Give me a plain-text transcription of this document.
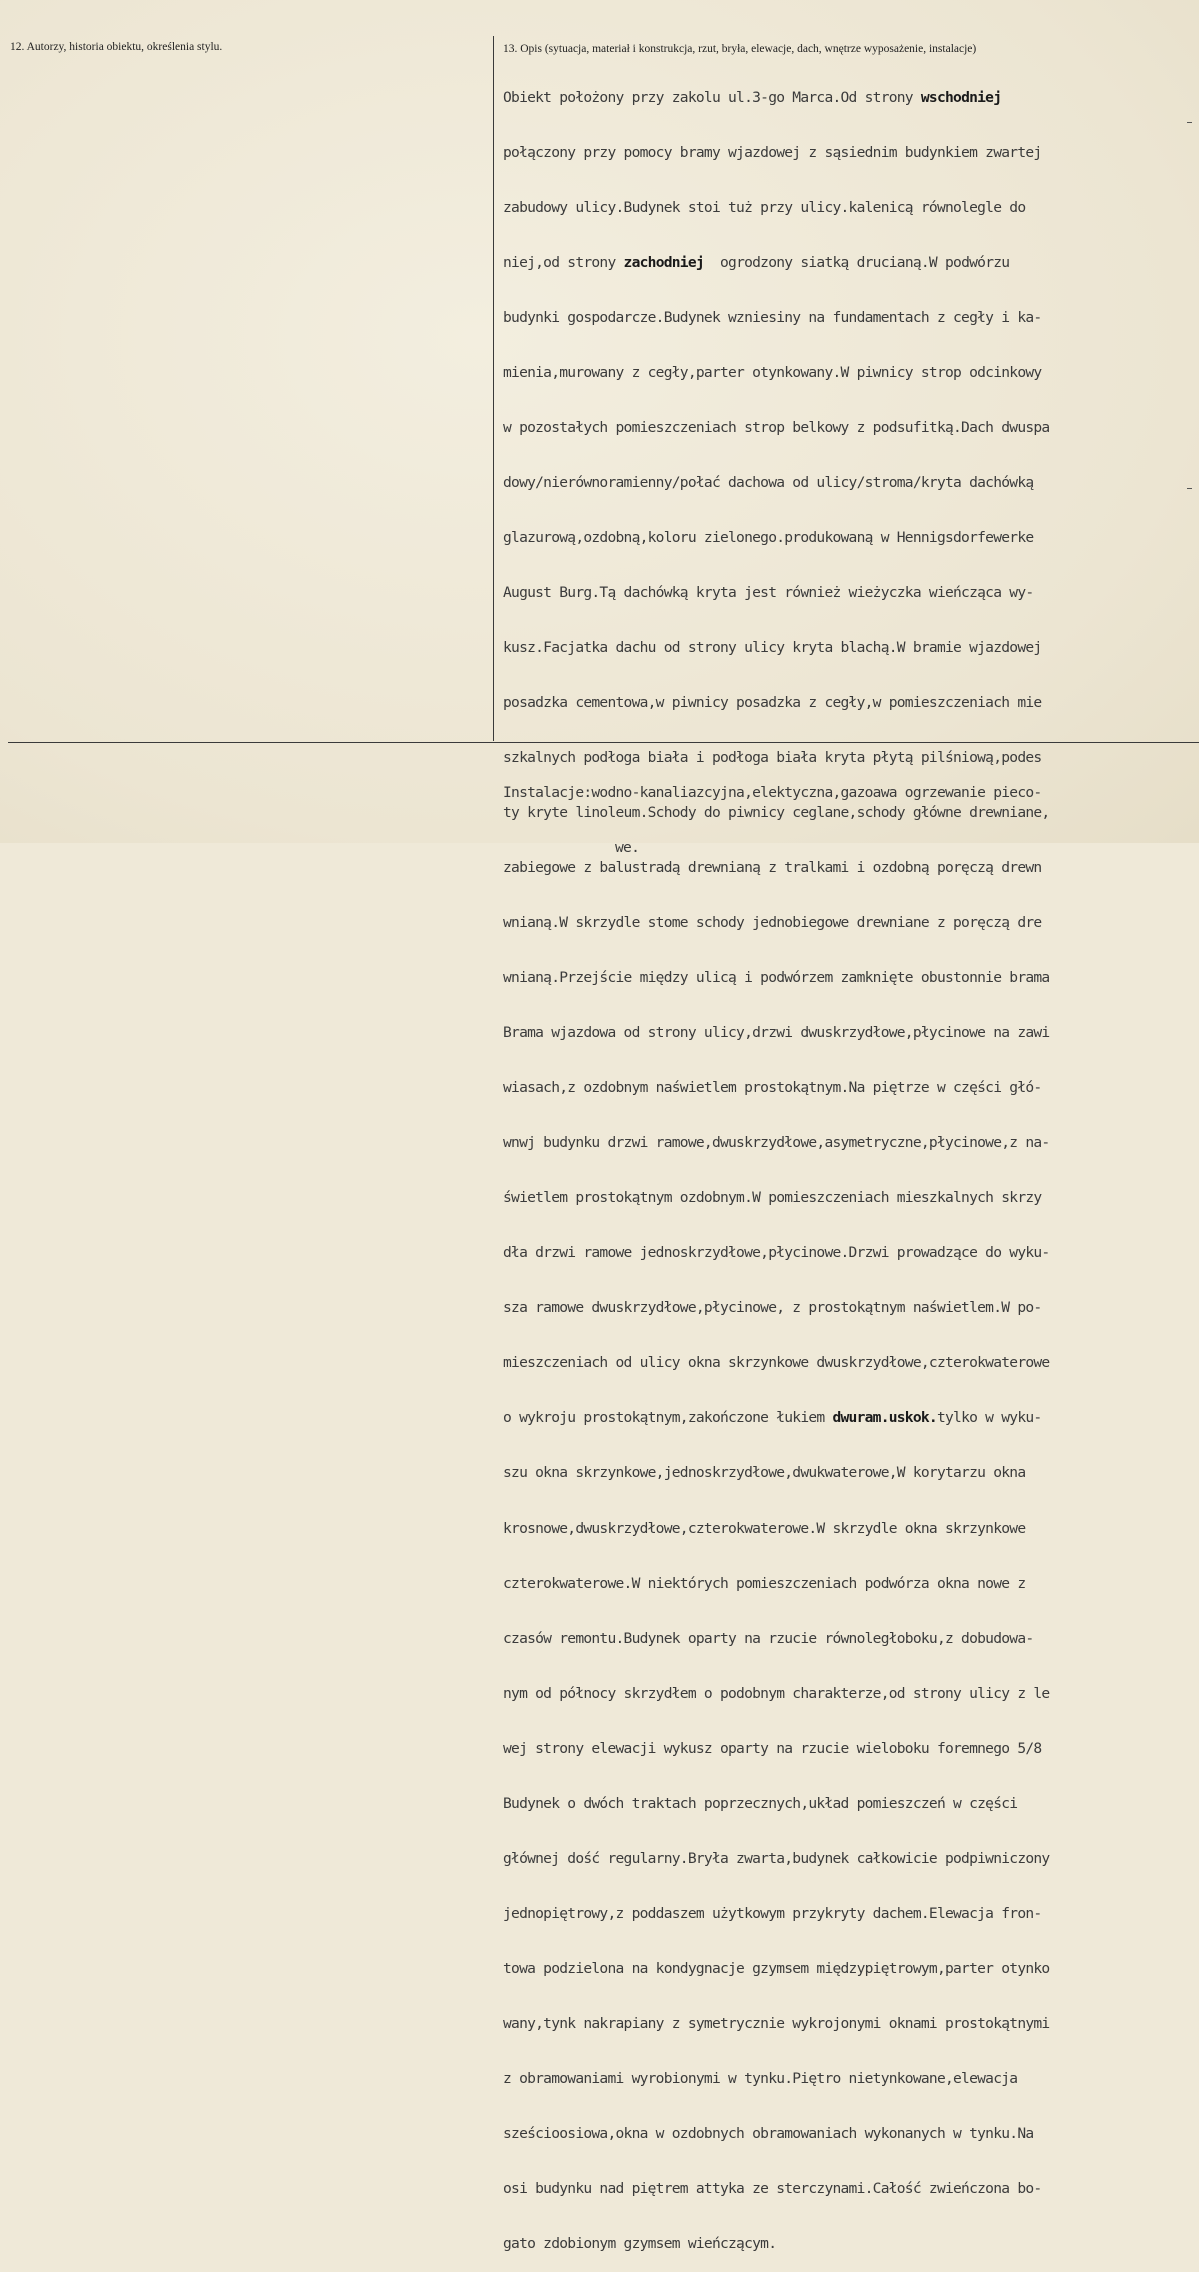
12. Autorzy, historia obiektu, określenia stylu.	13. Opis (sytuacja, materiał i konstrukcja, rzut, bryła, elewacje, dach, wnętrze wyposażenie, instalacje)

Obiekt położony przy zakolu ul.3-go Marca.Od strony wschodniej

połączony przy pomocy bramy wjazdowej z sąsiednim budynkiem zwartej

zabudowy ulicy.Budynek stoi tuż przy ulicy.kalenicą równolegle do

niej,od strony zachodniej  ogrodzony siatką drucianą.W podwórzu

budynki gospodarcze.Budynek wzniesiny na fundamentach z cegły i ka-

mienia,murowany z cegły,parter otynkowany.W piwnicy strop odcinkowy

w pozostałych pomieszczeniach strop belkowy z podsufitką.Dach dwuspa

dowy/nierównoramienny/połać dachowa od ulicy/stroma/kryta dachówką

glazurową,ozdobną,koloru zielonego.produkowaną w Hennigsdorfewerke

August Burg.Tą dachówką kryta jest również wieżyczka wieńcząca wy-

kusz.Facjatka dachu od strony ulicy kryta blachą.W bramie wjazdowej

posadzka cementowa,w piwnicy posadzka z cegły,w pomieszczeniach mie

szkalnych podłoga biała i podłoga biała kryta płytą pilśniową,podes

ty kryte linoleum.Schody do piwnicy ceglane,schody główne drewniane,

zabiegowe z balustradą drewnianą z tralkami i ozdobną poręczą drewn

wnianą.W skrzydle stome schody jednobiegowe drewniane z poręczą dre

wnianą.Przejście między ulicą i podwórzem zamknięte obustonnie brama

Brama wjazdowa od strony ulicy,drzwi dwuskrzydłowe,płycinowe na zawi

wiasach,z ozdobnym naświetlem prostokątnym.Na piętrze w części głó-

wnwj budynku drzwi ramowe,dwuskrzydłowe,asymetryczne,płycinowe,z na-

świetlem prostokątnym ozdobnym.W pomieszczeniach mieszkalnych skrzy

dła drzwi ramowe jednoskrzydłowe,płycinowe.Drzwi prowadzące do wyku-

sza ramowe dwuskrzydłowe,płycinowe, z prostokątnym naświetlem.W po-

mieszczeniach od ulicy okna skrzynkowe dwuskrzydłowe,czterokwaterowe

o wykroju prostokątnym,zakończone łukiem dwuram.uskok.tylko w wyku-

szu okna skrzynkowe,jednoskrzydłowe,dwukwaterowe,W korytarzu okna

krosnowe,dwuskrzydłowe,czterokwaterowe.W skrzydle okna skrzynkowe

czterokwaterowe.W niektórych pomieszczeniach podwórza okna nowe z

czasów remontu.Budynek oparty na rzucie równoległoboku,z dobudowa-

nym od północy skrzydłem o podobnym charakterze,od strony ulicy z le

wej strony elewacji wykusz oparty na rzucie wieloboku foremnego 5/8

Budynek o dwóch traktach poprzecznych,układ pomieszczeń w części

głównej dość regularny.Bryła zwarta,budynek całkowicie podpiwniczony

jednopiętrowy,z poddaszem użytkowym przykryty dachem.Elewacja fron-

towa podzielona na kondygnacje gzymsem międzypiętrowym,parter otynko

wany,tynk nakrapiany z symetrycznie wykrojonymi oknami prostokątnymi

z obramowaniami wyrobionymi w tynku.Piętro nietynkowane,elewacja

sześcioosiowa,okna w ozdobnych obramowaniach wykonanych w tynku.Na

osi budynku nad piętrem attyka ze sterczynami.Całość zwieńczona bo-

gato zdobionym gzymsem wieńczącym.

Instalacje:wodno-kanaliazcyjna,elektyczna,gazoawa ogrzewanie pieco-

we.
